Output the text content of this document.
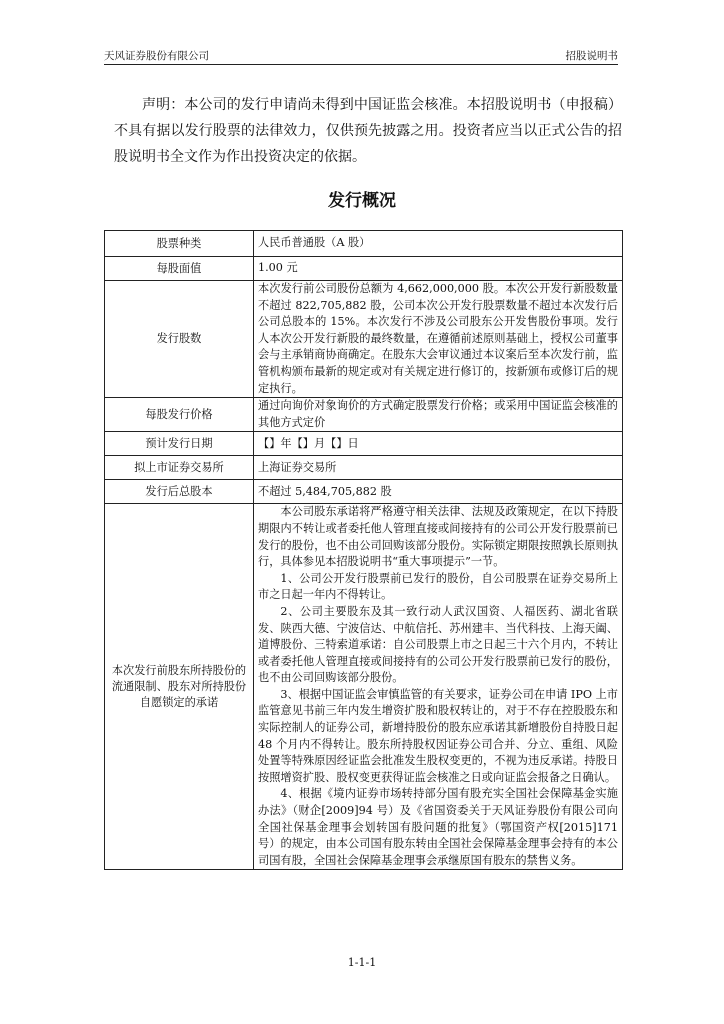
天风证券股份有限公司	招股说明书

声明：本公司的发行申请尚未得到中国证监会核准。本招股说明书（申报稿）不具有据以发行股票的法律效力，仅供预先披露之用。投资者应当以正式公告的招股说明书全文作为作出投资决定的依据。

发行概况
股票种类	人民币普通股（A 股）
每股面值	1.00 元
发行股数	本次发行前公司股份总额为 4,662,000,000 股。本次公开发行新股数量不超过 822,705,882 股，公司本次公开发行股票数量不超过本次发行后公司总股本的 15%。本次发行不涉及公司股东公开发售股份事项。发行人本次公开发行新股的最终数量，在遵循前述原则基础上，授权公司董事会与主承销商协商确定。在股东大会审议通过本议案后至本次发行前，监管机构颁布最新的规定或对有关规定进行修订的，按新颁布或修订后的规定执行。
每股发行价格	通过向询价对象询价的方式确定股票发行价格；或采用中国证监会核准的其他方式定价
预计发行日期	【】年【】月【】日
拟上市证券交易所	上海证券交易所
发行后总股本	不超过 5,484,705,882 股
本次发行前股东所持股份的流通限制、股东对所持股份自愿锁定的承诺	本公司股东承诺将严格遵守相关法律、法规及政策规定，在以下持股期限内不转让或者委托他人管理直接或间接持有的公司公开发行股票前已发行的股份，也不由公司回购该部分股份。实际锁定期限按照孰长原则执行，具体参见本招股说明书“重大事项提示”一节。
1、公司公开发行股票前已发行的股份，自公司股票在证券交易所上市之日起一年内不得转让。
2、公司主要股东及其一致行动人武汉国资、人福医药、湖北省联发、陕西大德、宁波信达、中航信托、苏州建丰、当代科技、上海天阖、道博股份、三特索道承诺：自公司股票上市之日起三十六个月内，不转让或者委托他人管理直接或间接持有的公司公开发行股票前已发行的股份，也不由公司回购该部分股份。
3、根据中国证监会审慎监管的有关要求，证券公司在申请 IPO 上市监管意见书前三年内发生增资扩股和股权转让的，对于不存在控股股东和实际控制人的证券公司，新增持股份的股东应承诺其新增股份自持股日起 48 个月内不得转让。股东所持股权因证券公司合并、分立、重组、风险处置等特殊原因经证监会批准发生股权变更的，不视为违反承诺。持股日按照增资扩股、股权变更获得证监会核准之日或向证监会报备之日确认。
4、根据《境内证券市场转持部分国有股充实全国社会保障基金实施办法》（财企[2009]94 号）及《省国资委关于天风证券股份有限公司向全国社保基金理事会划转国有股问题的批复》（鄂国资产权[2015]171 号）的规定，由本公司国有股东转由全国社会保障基金理事会持有的本公司国有股，全国社会保障基金理事会承继原国有股东的禁售义务。
1-1-1
